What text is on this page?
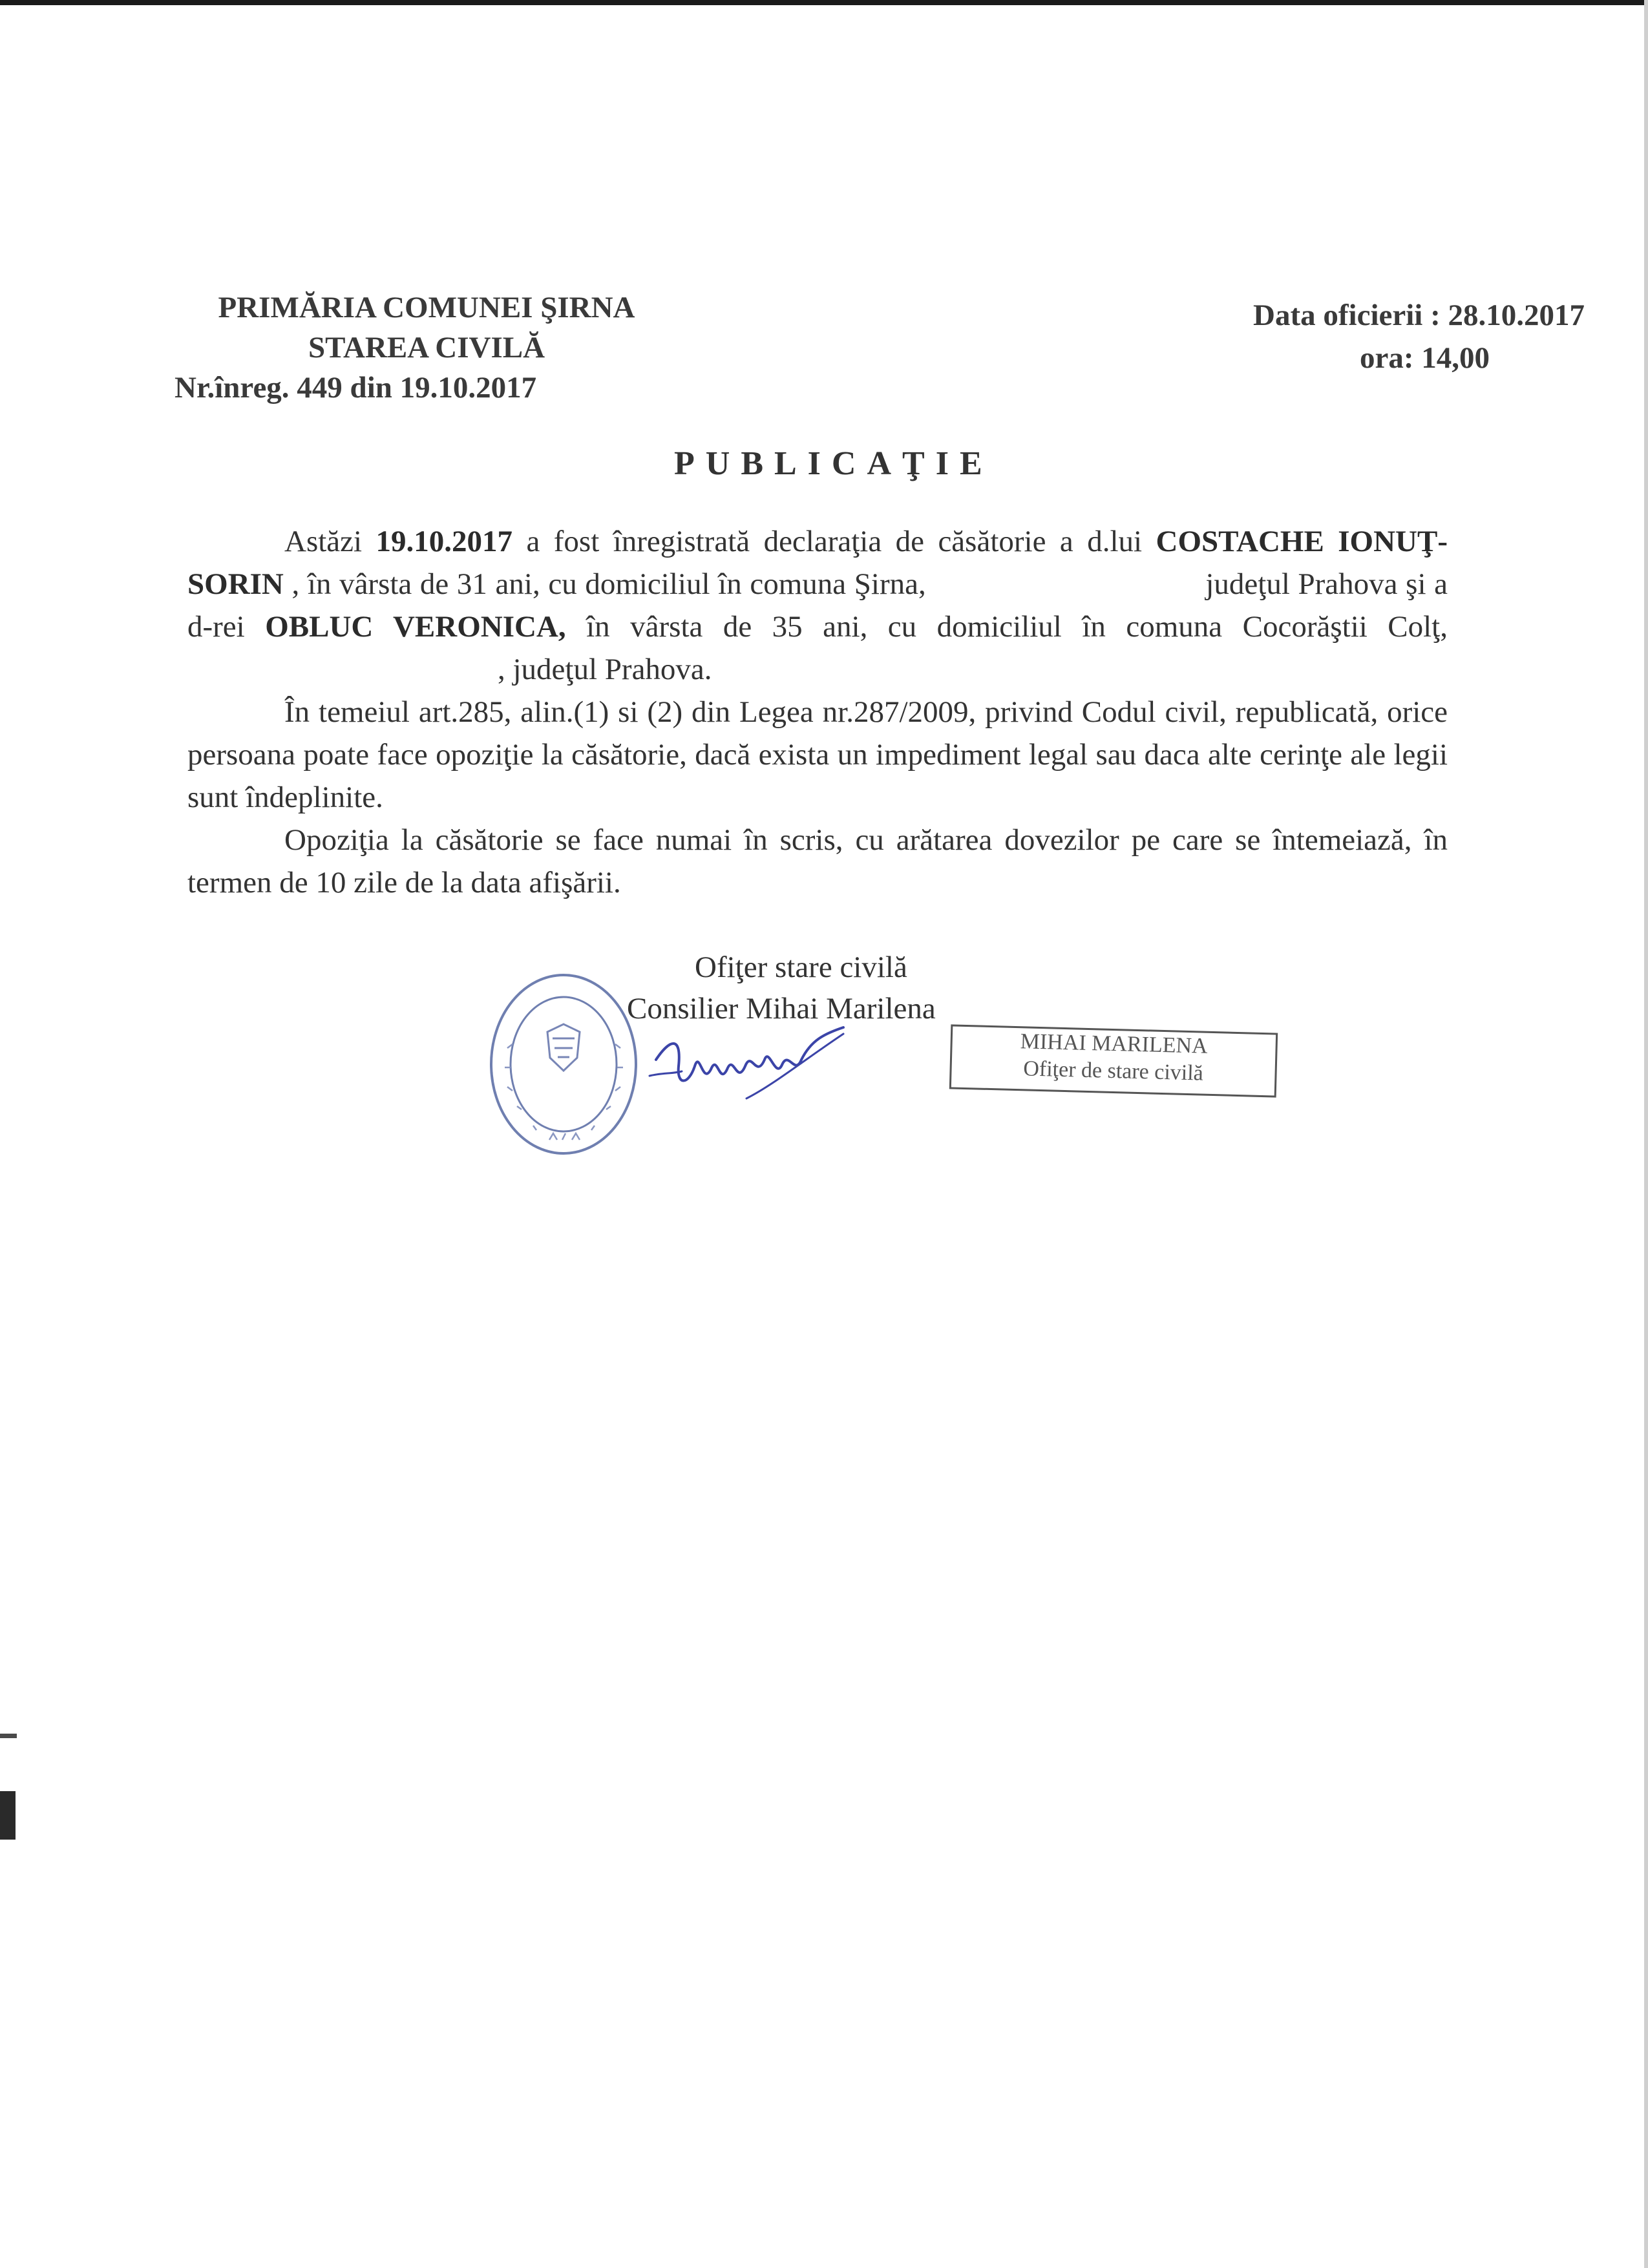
PRIMĂRIA COMUNEI ŞIRNA
STAREA CIVILĂ
Nr.înreg. 449 din 19.10.2017
Data oficierii : 28.10.2017
ora: 14,00
PUBLICAŢIE

Astăzi 19.10.2017 a fost înregistrată declaraţia de căsătorie a d.lui COSTACHE IONUŢ-SORIN , în vârsta de 31 ani, cu domiciliul în comuna Şirna,	judeţul Prahova şi a d-rei OBLUC VERONICA, în vârsta de 35 ani, cu domiciliul în comuna Cocorăştii Colţ, , judeţul Prahova.

În temeiul art.285, alin.(1) si (2) din Legea nr.287/2009, privind Codul civil, republicată, orice persoana poate face opoziţie la căsătorie, dacă exista un impediment legal sau daca alte cerinţe ale legii sunt îndeplinite.

Opoziţia la căsătorie se face numai în scris, cu arătarea dovezilor pe care se întemeiază, în termen de 10 zile de la data afişării.

Ofiţer stare civilă
Consilier Mihai Marilena
MIHAI MARILENA
Ofiţer de stare civilă
